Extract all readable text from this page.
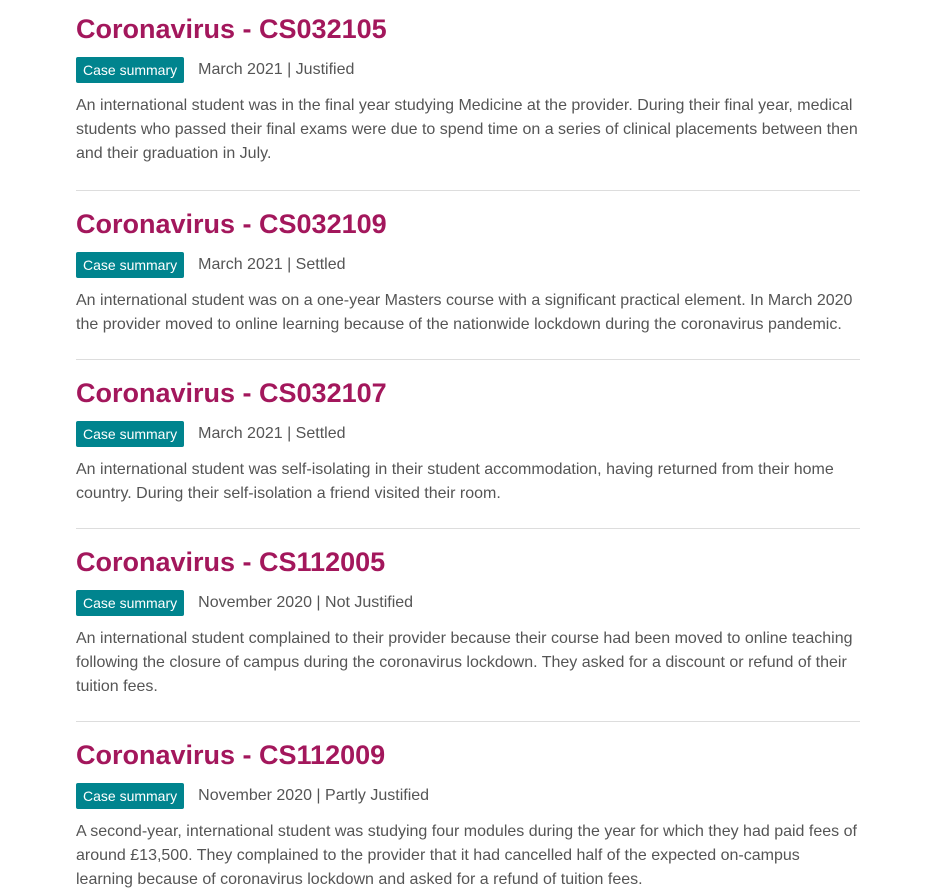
Coronavirus - CS032105
Case summary	March 2021 | Justified

An international student was in the final year studying Medicine at the provider. During their final year, medical students who passed their final exams were due to spend time on a series of clinical placements between then and their graduation in July.

Coronavirus - CS032109
Case summary	March 2021 | Settled

An international student was on a one-year Masters course with a significant practical element. In March 2020 the provider moved to online learning because of the nationwide lockdown during the coronavirus pandemic.

Coronavirus - CS032107
Case summary	March 2021 | Settled

An international student was self-isolating in their student accommodation, having returned from their home country. During their self-isolation a friend visited their room.

Coronavirus - CS112005
Case summary	November 2020 | Not Justified

An international student complained to their provider because their course had been moved to online teaching following the closure of campus during the coronavirus lockdown. They asked for a discount or refund of their tuition fees.

Coronavirus - CS112009
Case summary	November 2020 | Partly Justified

A second-year, international student was studying four modules during the year for which they had paid fees of around £13,500. They complained to the provider that it had cancelled half of the expected on-campus learning because of coronavirus lockdown and asked for a refund of tuition fees.
